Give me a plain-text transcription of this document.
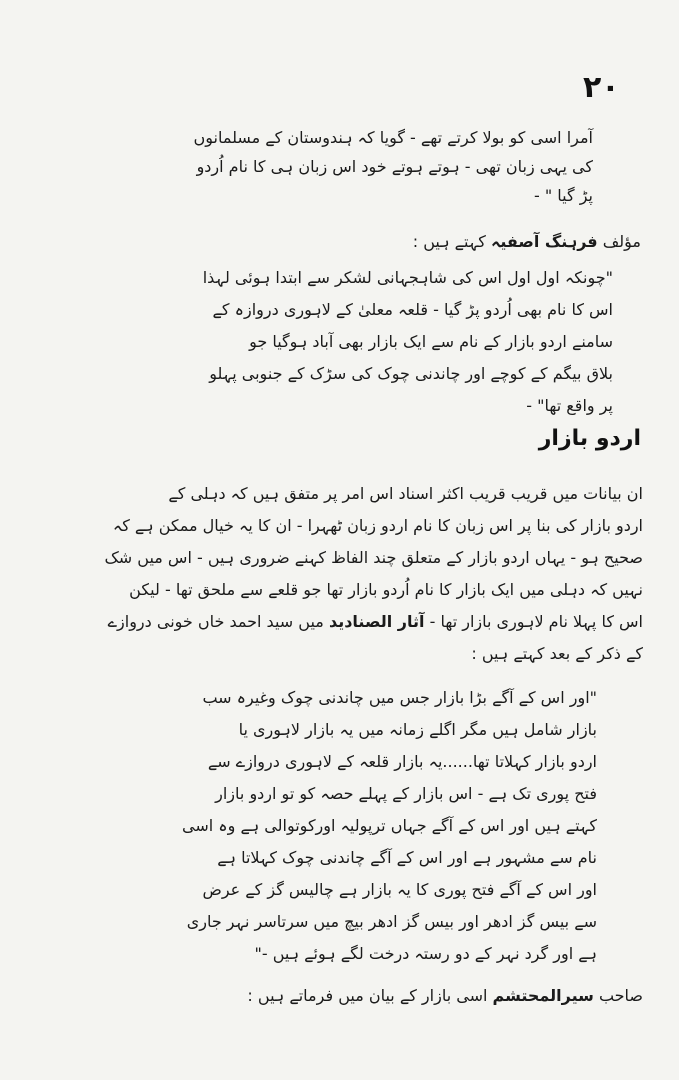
۲۰
آمرا اسی کو بولا کرتے تھے - گویا کہ ہندوستان کے مسلمانوں
کی یہی زبان تھی - ہوتے ہوتے خود اس زبان ہی کا نام اُردو
پڑ گیا " -
مؤلف فرہنگ آصفیہ کہتے ہیں :
"چونکہ اول اول اس کی شاہجہانی لشکر سے ابتدا ہوئی لہذا
اس کا نام بھی اُردو پڑ گیا - قلعہ معلیٰ کے لاہوری دروازہ کے
سامنے اردو بازار کے نام سے ایک بازار بھی آباد ہوگیا جو
بلاق بیگم کے کوچے اور چاندنی چوک کی سڑک کے جنوبی پہلو
پر واقع تھا" -
اردو بازار
ان بیانات میں قریب قریب اکثر اسناد اس امر پر متفق ہیں کہ دہلی کے
اردو بازار کی بنا پر اس زبان کا نام اردو زبان ٹھہرا - ان کا یہ خیال ممکن ہے کہ
صحیح ہو - یہاں اردو بازار کے متعلق چند الفاظ کہنے ضروری ہیں - اس میں شک
نہیں کہ دہلی میں ایک بازار کا نام اُردو بازار تھا جو قلعے سے ملحق تھا - لیکن
اس کا پہلا نام لاہوری بازار تھا - آثار الصنادید میں سید احمد خاں خونی دروازے
کے ذکر کے بعد کہتے ہیں :
"اور اس کے آگے بڑا بازار جس میں چاندنی چوک وغیرہ سب
بازار شامل ہیں مگر اگلے زمانہ میں یہ بازار لاہوری یا
اردو بازار کہلاتا تھا......یہ بازار قلعہ کے لاہوری دروازے سے
فتح پوری تک ہے - اس بازار کے پہلے حصہ کو تو اردو بازار
کہتے ہیں اور اس کے آگے جہاں ترپولیہ اورکوتوالی ہے وہ اسی
نام سے مشہور ہے اور اس کے آگے چاندنی چوک کہلاتا ہے
اور اس کے آگے فتح پوری کا یہ بازار ہے چالیس گز کے عرض
سے بیس گز ادھر اور بیس گز ادھر بیچ میں سرتاسر نہر جاری
ہے اور گرد نہر کے دو رستہ درخت لگے ہوئے ہیں -"
صاحب سیرالمحتشم اسی بازار کے بیان میں فرماتے ہیں :
